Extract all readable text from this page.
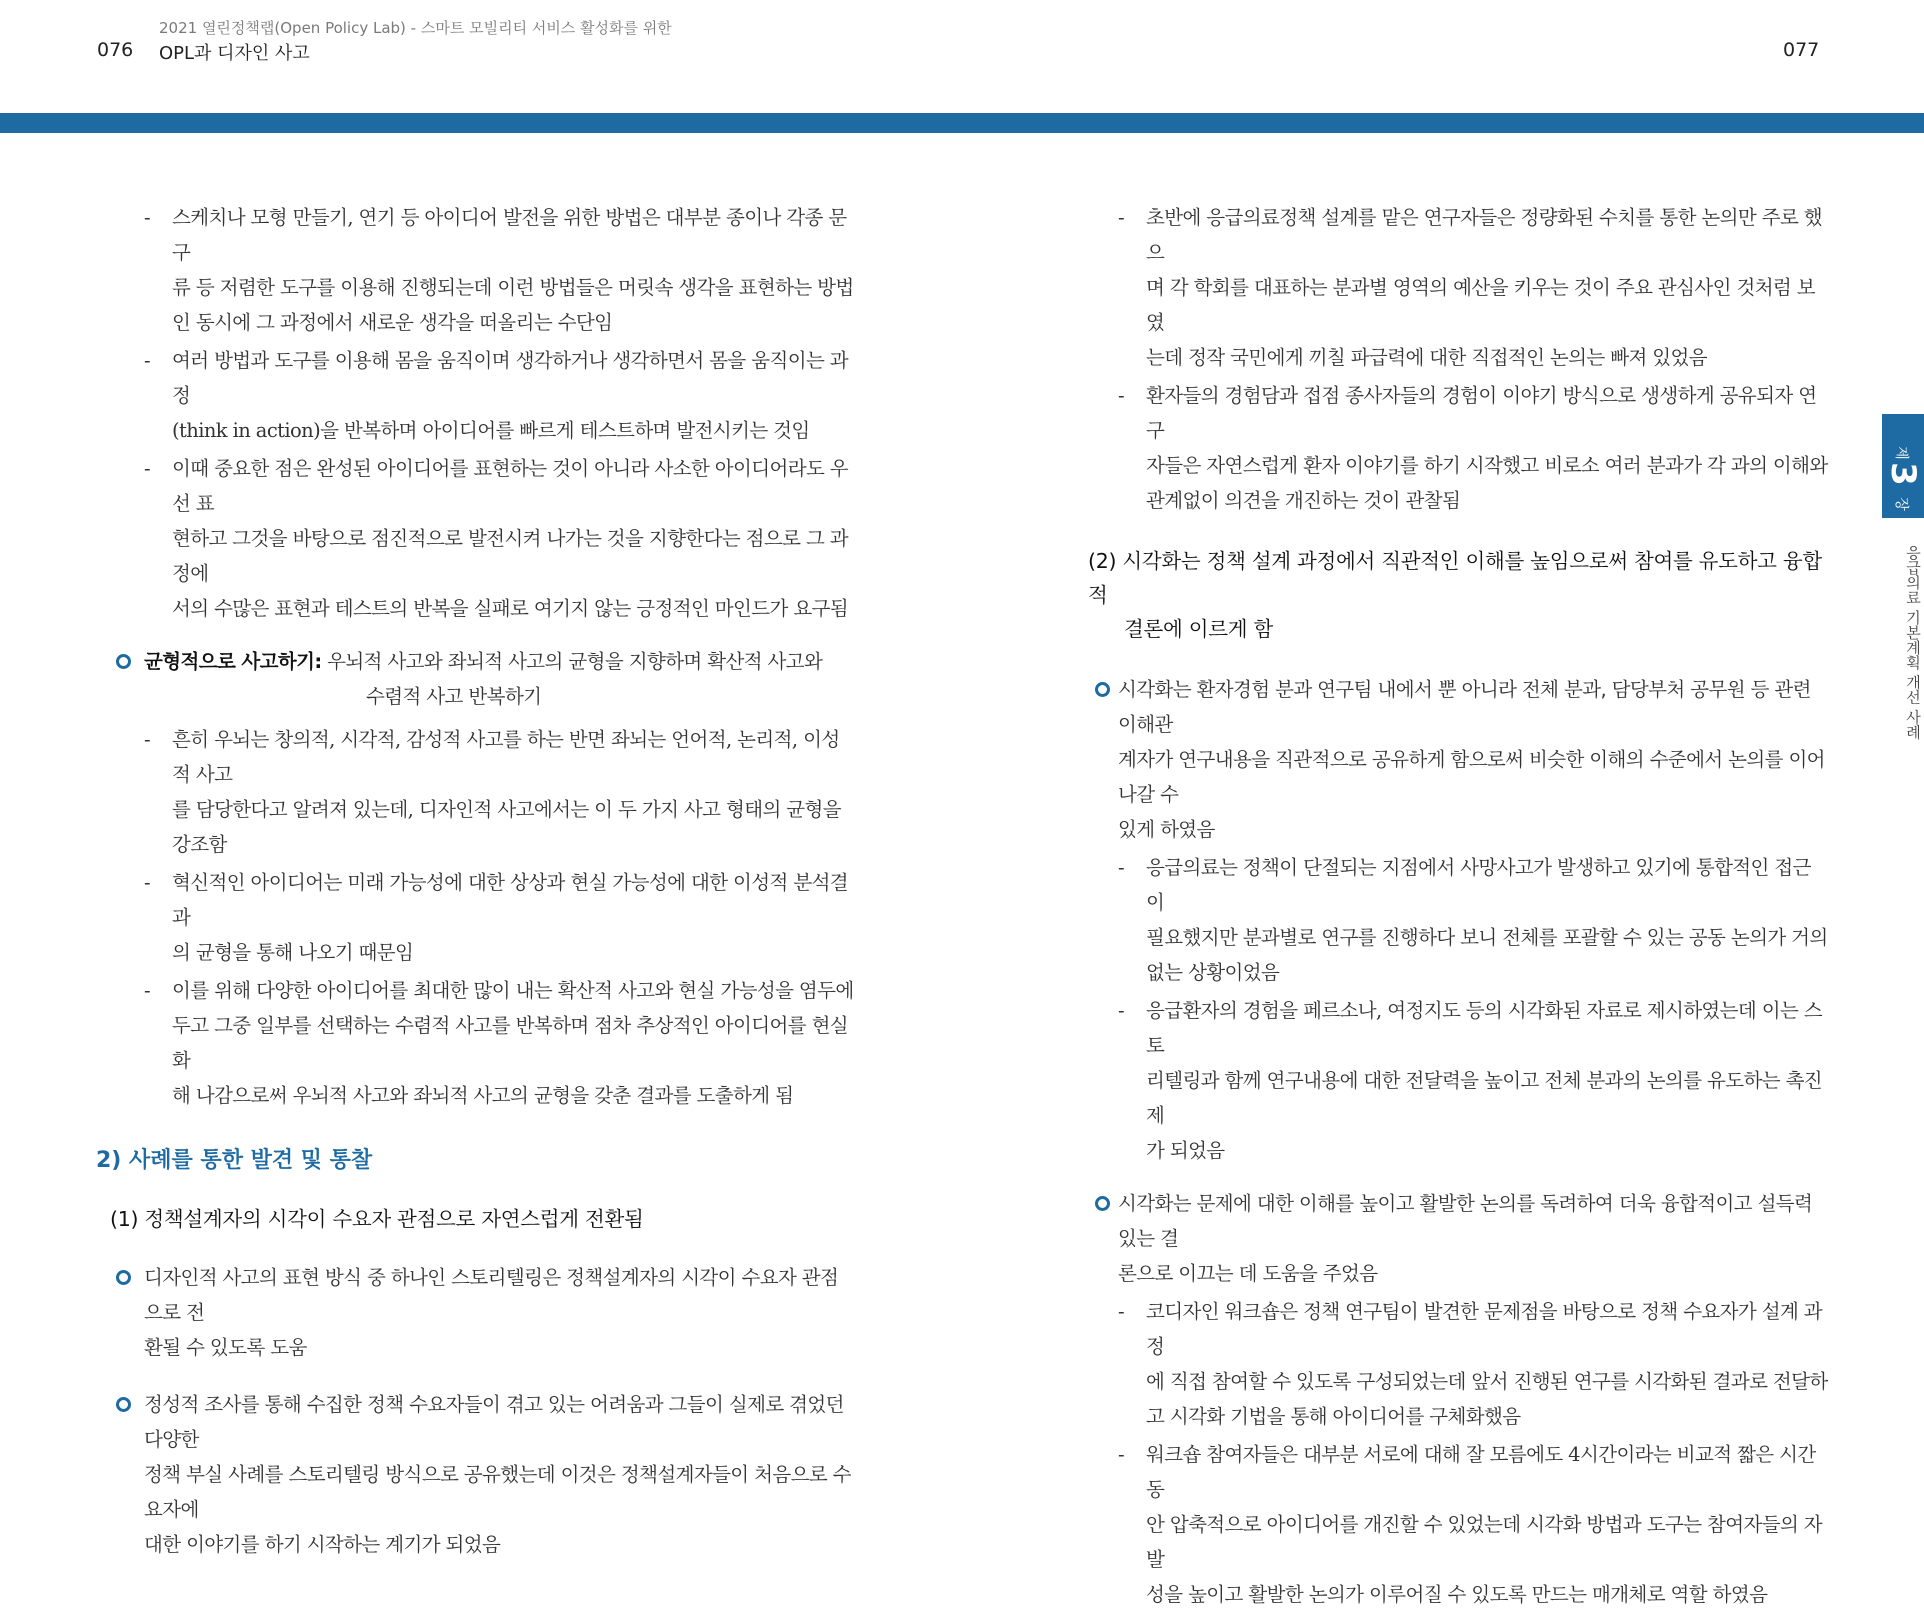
2021 열린정책랩(Open Policy Lab) - 스마트 모빌리티 서비스 활성화를 위한
076 OPL과 디자인 사고	077
제
3
장
응급의료 기본계획 개선 사례
- 스케치나 모형 만들기, 연기 등 아이디어 발전을 위한 방법은 대부분 종이나 각종 문구
류 등 저렴한 도구를 이용해 진행되는데 이런 방법들은 머릿속 생각을 표현하는 방법
인 동시에 그 과정에서 새로운 생각을 떠올리는 수단임
- 여러 방법과 도구를 이용해 몸을 움직이며 생각하거나 생각하면서 몸을 움직이는 과정
(think in action)을 반복하며 아이디어를 빠르게 테스트하며 발전시키는 것임
- 이때 중요한 점은 완성된 아이디어를 표현하는 것이 아니라 사소한 아이디어라도 우선 표
현하고 그것을 바탕으로 점진적으로 발전시켜 나가는 것을 지향한다는 점으로 그 과정에
서의 수많은 표현과 테스트의 반복을 실패로 여기지 않는 긍정적인 마인드가 요구됨
균형적으로 사고하기: 우뇌적 사고와 좌뇌적 사고의 균형을 지향하며 확산적 사고와
수렴적 사고 반복하기
- 흔히 우뇌는 창의적, 시각적, 감성적 사고를 하는 반면 좌뇌는 언어적, 논리적, 이성적 사고
를 담당한다고 알려져 있는데, 디자인적 사고에서는 이 두 가지 사고 형태의 균형을 강조함
- 혁신적인 아이디어는 미래 가능성에 대한 상상과 현실 가능성에 대한 이성적 분석결과
의 균형을 통해 나오기 때문임
- 이를 위해 다양한 아이디어를 최대한 많이 내는 확산적 사고와 현실 가능성을 염두에
두고 그중 일부를 선택하는 수렴적 사고를 반복하며 점차 추상적인 아이디어를 현실화
해 나감으로써 우뇌적 사고와 좌뇌적 사고의 균형을 갖춘 결과를 도출하게 됨
2) 사례를 통한 발견 및 통찰
(1) 정책설계자의 시각이 수요자 관점으로 자연스럽게 전환됨
디자인적 사고의 표현 방식 중 하나인 스토리텔링은 정책설계자의 시각이 수요자 관점으로 전
환될 수 있도록 도움
정성적 조사를 통해 수집한 정책 수요자들이 겪고 있는 어려움과 그들이 실제로 겪었던 다양한
정책 부실 사례를 스토리텔링 방식으로 공유했는데 이것은 정책설계자들이 처음으로 수요자에
대한 이야기를 하기 시작하는 계기가 되었음
- 초반에 응급의료정책 설계를 맡은 연구자들은 정량화된 수치를 통한 논의만 주로 했으
며 각 학회를 대표하는 분과별 영역의 예산을 키우는 것이 주요 관심사인 것처럼 보였
는데 정작 국민에게 끼칠 파급력에 대한 직접적인 논의는 빠져 있었음
- 환자들의 경험담과 접점 종사자들의 경험이 이야기 방식으로 생생하게 공유되자 연구
자들은 자연스럽게 환자 이야기를 하기 시작했고 비로소 여러 분과가 각 과의 이해와
관계없이 의견을 개진하는 것이 관찰됨
(2) 시각화는 정책 설계 과정에서 직관적인 이해를 높임으로써 참여를 유도하고 융합적
결론에 이르게 함
시각화는 환자경험 분과 연구팀 내에서 뿐 아니라 전체 분과, 담당부처 공무원 등 관련 이해관
계자가 연구내용을 직관적으로 공유하게 함으로써 비슷한 이해의 수준에서 논의를 이어나갈 수
있게 하였음
- 응급의료는 정책이 단절되는 지점에서 사망사고가 발생하고 있기에 통합적인 접근이
필요했지만 분과별로 연구를 진행하다 보니 전체를 포괄할 수 있는 공동 논의가 거의
없는 상황이었음
- 응급환자의 경험을 페르소나, 여정지도 등의 시각화된 자료로 제시하였는데 이는 스토
리텔링과 함께 연구내용에 대한 전달력을 높이고 전체 분과의 논의를 유도하는 촉진제
가 되었음
시각화는 문제에 대한 이해를 높이고 활발한 논의를 독려하여 더욱 융합적이고 설득력 있는 결
론으로 이끄는 데 도움을 주었음
- 코디자인 워크숍은 정책 연구팀이 발견한 문제점을 바탕으로 정책 수요자가 설계 과정
에 직접 참여할 수 있도록 구성되었는데 앞서 진행된 연구를 시각화된 결과로 전달하
고 시각화 기법을 통해 아이디어를 구체화했음
- 워크숍 참여자들은 대부분 서로에 대해 잘 모름에도 4시간이라는 비교적 짧은 시간 동
안 압축적으로 아이디어를 개진할 수 있었는데 시각화 방법과 도구는 참여자들의 자발
성을 높이고 활발한 논의가 이루어질 수 있도록 만드는 매개체로 역할 하였음
